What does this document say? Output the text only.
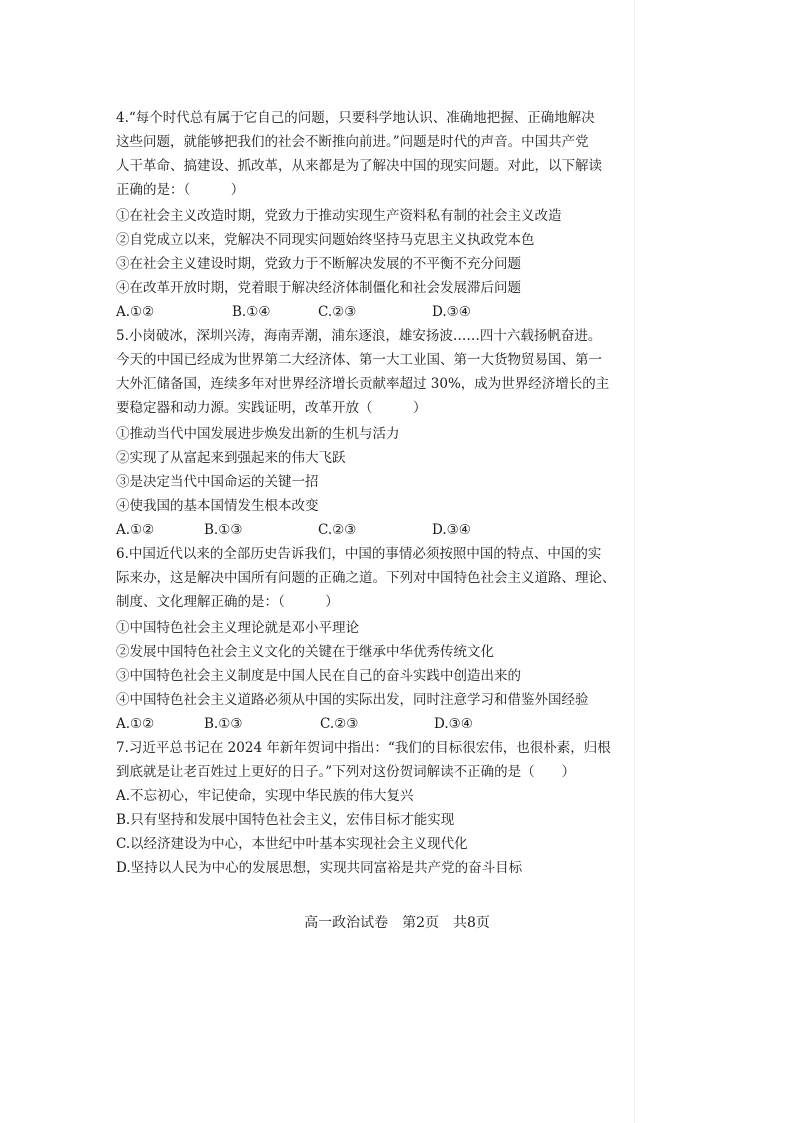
4.“每个时代总有属于它自己的问题，只要科学地认识、准确地把握、正确地解决
这些问题，就能够把我们的社会不断推向前进。”问题是时代的声音。中国共产党
人干革命、搞建设、抓改革，从来都是为了解决中国的现实问题。对此，以下解读
正确的是：（　　　）
①在社会主义改造时期，党致力于推动实现生产资料私有制的社会主义改造
②自党成立以来，党解决不同现实问题始终坚持马克思主义执政党本色
③在社会主义建设时期，党致力于不断解决发展的不平衡不充分问题
④在改革开放时期，党着眼于解决经济体制僵化和社会发展滞后问题
A.①②	B.①④	C.②③	D.③④
5.小岗破冰，深圳兴涛，海南弄潮，浦东逐浪，雄安扬波……四十六载扬帆奋进。
今天的中国已经成为世界第二大经济体、第一大工业国、第一大货物贸易国、第一
大外汇储备国，连续多年对世界经济增长贡献率超过 30%，成为世界经济增长的主
要稳定器和动力源。实践证明，改革开放（　　　）
①推动当代中国发展进步焕发出新的生机与活力
②实现了从富起来到强起来的伟大飞跃
③是决定当代中国命运的关键一招
④使我国的基本国情发生根本改变
A.①②	B.①③	C.②③	D.③④
6.中国近代以来的全部历史告诉我们，中国的事情必须按照中国的特点、中国的实
际来办，这是解决中国所有问题的正确之道。下列对中国特色社会主义道路、理论、
制度、文化理解正确的是：（　　　）
①中国特色社会主义理论就是邓小平理论
②发展中国特色社会主义文化的关键在于继承中华优秀传统文化
③中国特色社会主义制度是中国人民在自己的奋斗实践中创造出来的
④中国特色社会主义道路必须从中国的实际出发，同时注意学习和借鉴外国经验
A.①②	B.①③	C.②③	D.③④
7.习近平总书记在 2024 年新年贺词中指出：“我们的目标很宏伟，也很朴素，归根
到底就是让老百姓过上更好的日子。”下列对这份贺词解读不正确的是（　　）
A.不忘初心，牢记使命，实现中华民族的伟大复兴
B.只有坚持和发展中国特色社会主义，宏伟目标才能实现
C.以经济建设为中心，本世纪中叶基本实现社会主义现代化
D.坚持以人民为中心的发展思想，实现共同富裕是共产党的奋斗目标
高一政治试卷　第2页　共8页
